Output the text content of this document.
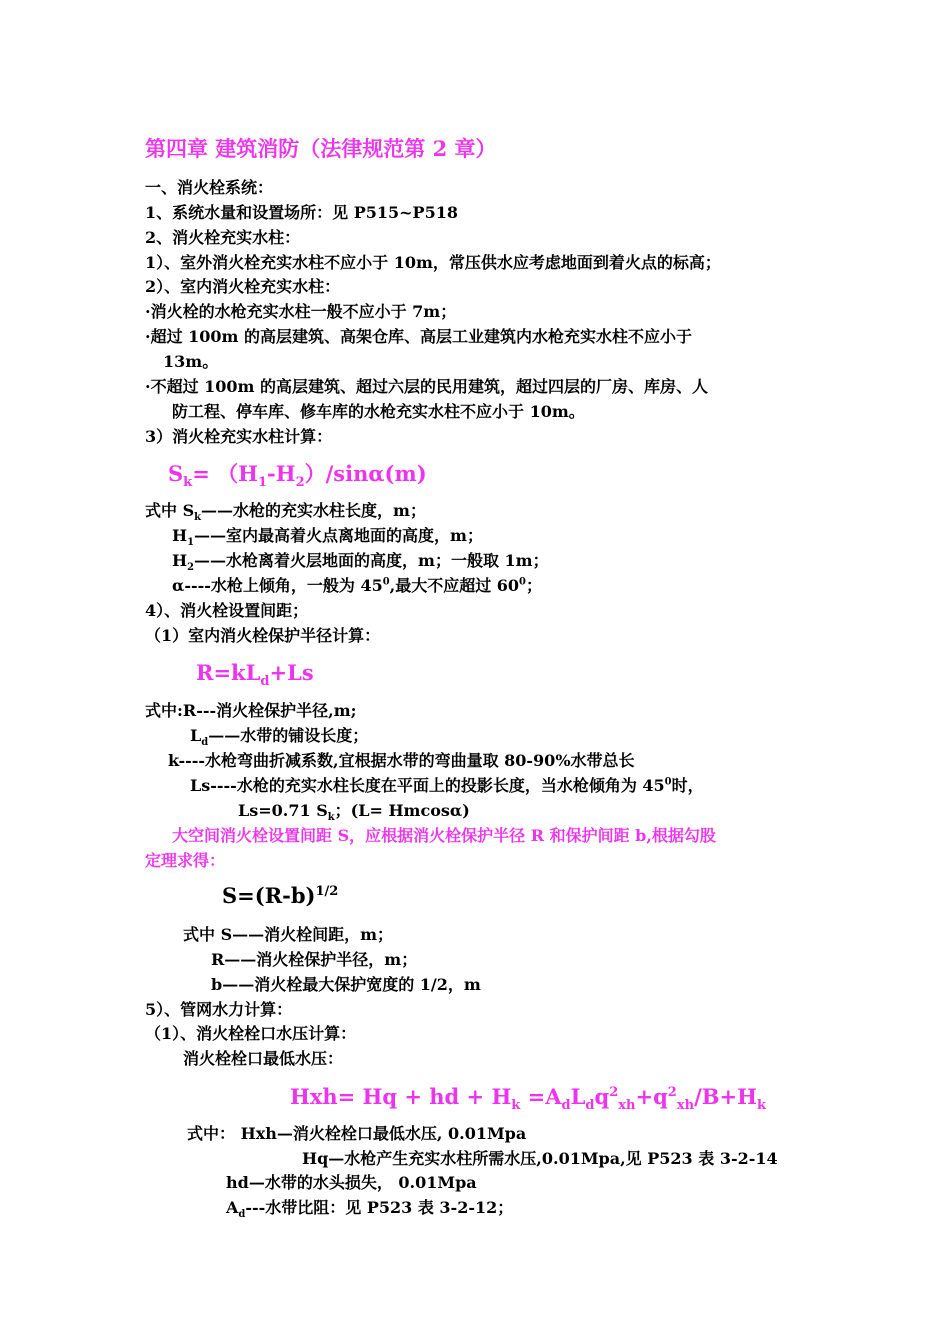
第四章 建筑消防（法律规范第 2 章）
一、消火栓系统：
1、系统水量和设置场所：见 P515~P518
2、消火栓充实水柱：
1）、室外消火栓充实水柱不应小于 10m，常压供水应考虑地面到着火点的标高；
2）、室内消火栓充实水柱：
·消火栓的水枪充实水柱一般不应小于 7m；
·超过 100m 的高层建筑、高架仓库、高层工业建筑内水枪充实水柱不应小于
13m。
·不超过 100m 的高层建筑、超过六层的民用建筑，超过四层的厂房、库房、人
防工程、停车库、修车库的水枪充实水柱不应小于 10m。
3）消火栓充实水柱计算：
$S_k= (H_1-H_2)/\sin\alpha(m)$
式中 $S_k——$水枪的充实水柱长度，m；
$H_1——$室内最高着火点离地面的高度，m；
$H_2——$水枪离着火层地面的高度，m；一般取 1m；
α----水枪上倾角，一般为 $45^0$,最大不应超过 $60^0$；
4）、消火栓设置间距；
（1）室内消火栓保护半径计算：
$R=kL_d+Ls$
式中:R---消火栓保护半径,m;
$L_d——$水带的铺设长度；
k----水枪弯曲折减系数,宜根据水带的弯曲量取 80-90%水带总长
Ls----水枪的充实水柱长度在平面上的投影长度，当水枪倾角为 $45^0$时，
Ls=0.71 $S_k$；(L= Hmcosα)
大空间消火栓设置间距 S，应根据消火栓保护半径 R 和保护间距 b,根据勾股
定理求得：
$S=(R-b)^{1/2}$
式中 S——消火栓间距，m；
R——消火栓保护半径，m；
b——消火栓最大保护宽度的 1/2，m
5）、管网水力计算：
（1）、消火栓栓口水压计算：
消火栓栓口最低水压：
Hxh= Hq + hd + $H_k =A_dL_dq^2_{xh}+q^2_{xh}/B+H_k$
式中： Hxh—消火栓栓口最低水压, 0.01Mpa
Hq—水枪产生充实水柱所需水压,0.01Mpa,见 P523 表 3-2-14
hd—水带的水头损失， 0.01Mpa
$A_d---$水带比阻：见 P523 表 3-2-12；
